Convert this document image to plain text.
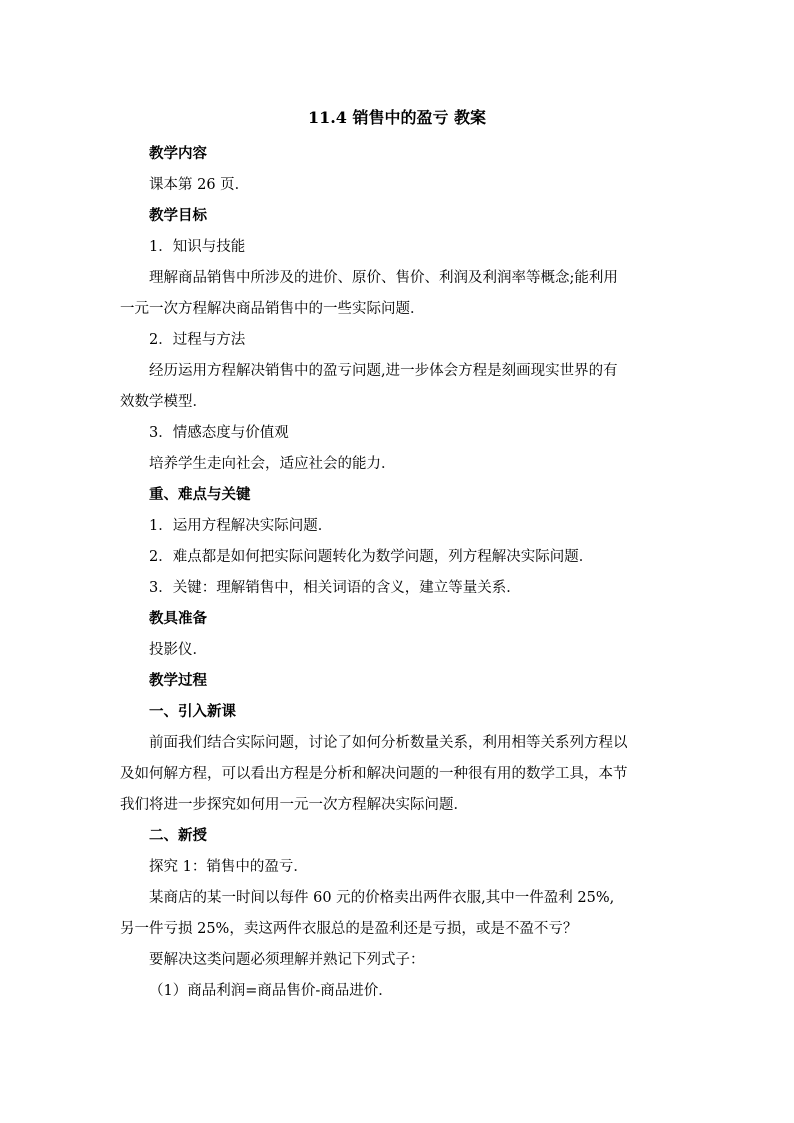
11.4 销售中的盈亏 教案
教学内容
课本第 26 页．
教学目标
1．知识与技能
理解商品销售中所涉及的进价、原价、售价、利润及利润率等概念;能利用
一元一次方程解决商品销售中的一些实际问题．
2．过程与方法
经历运用方程解决销售中的盈亏问题,进一步体会方程是刻画现实世界的有
效数学模型．
3．情感态度与价值观
培养学生走向社会，适应社会的能力．
重、难点与关键
1．运用方程解决实际问题．
2．难点都是如何把实际问题转化为数学问题，列方程解决实际问题．
3．关键：理解销售中，相关词语的含义，建立等量关系．
教具准备
投影仪．
教学过程
一、引入新课
前面我们结合实际问题，讨论了如何分析数量关系，利用相等关系列方程以
及如何解方程，可以看出方程是分析和解决问题的一种很有用的数学工具，本节
我们将进一步探究如何用一元一次方程解决实际问题．
二、新授
探究 1：销售中的盈亏．
某商店的某一时间以每件 60 元的价格卖出两件衣服,其中一件盈利 25%,
另一件亏损 25%，卖这两件衣服总的是盈利还是亏损，或是不盈不亏？
要解决这类问题必须理解并熟记下列式子：
（1）商品利润=商品售价-商品进价．
